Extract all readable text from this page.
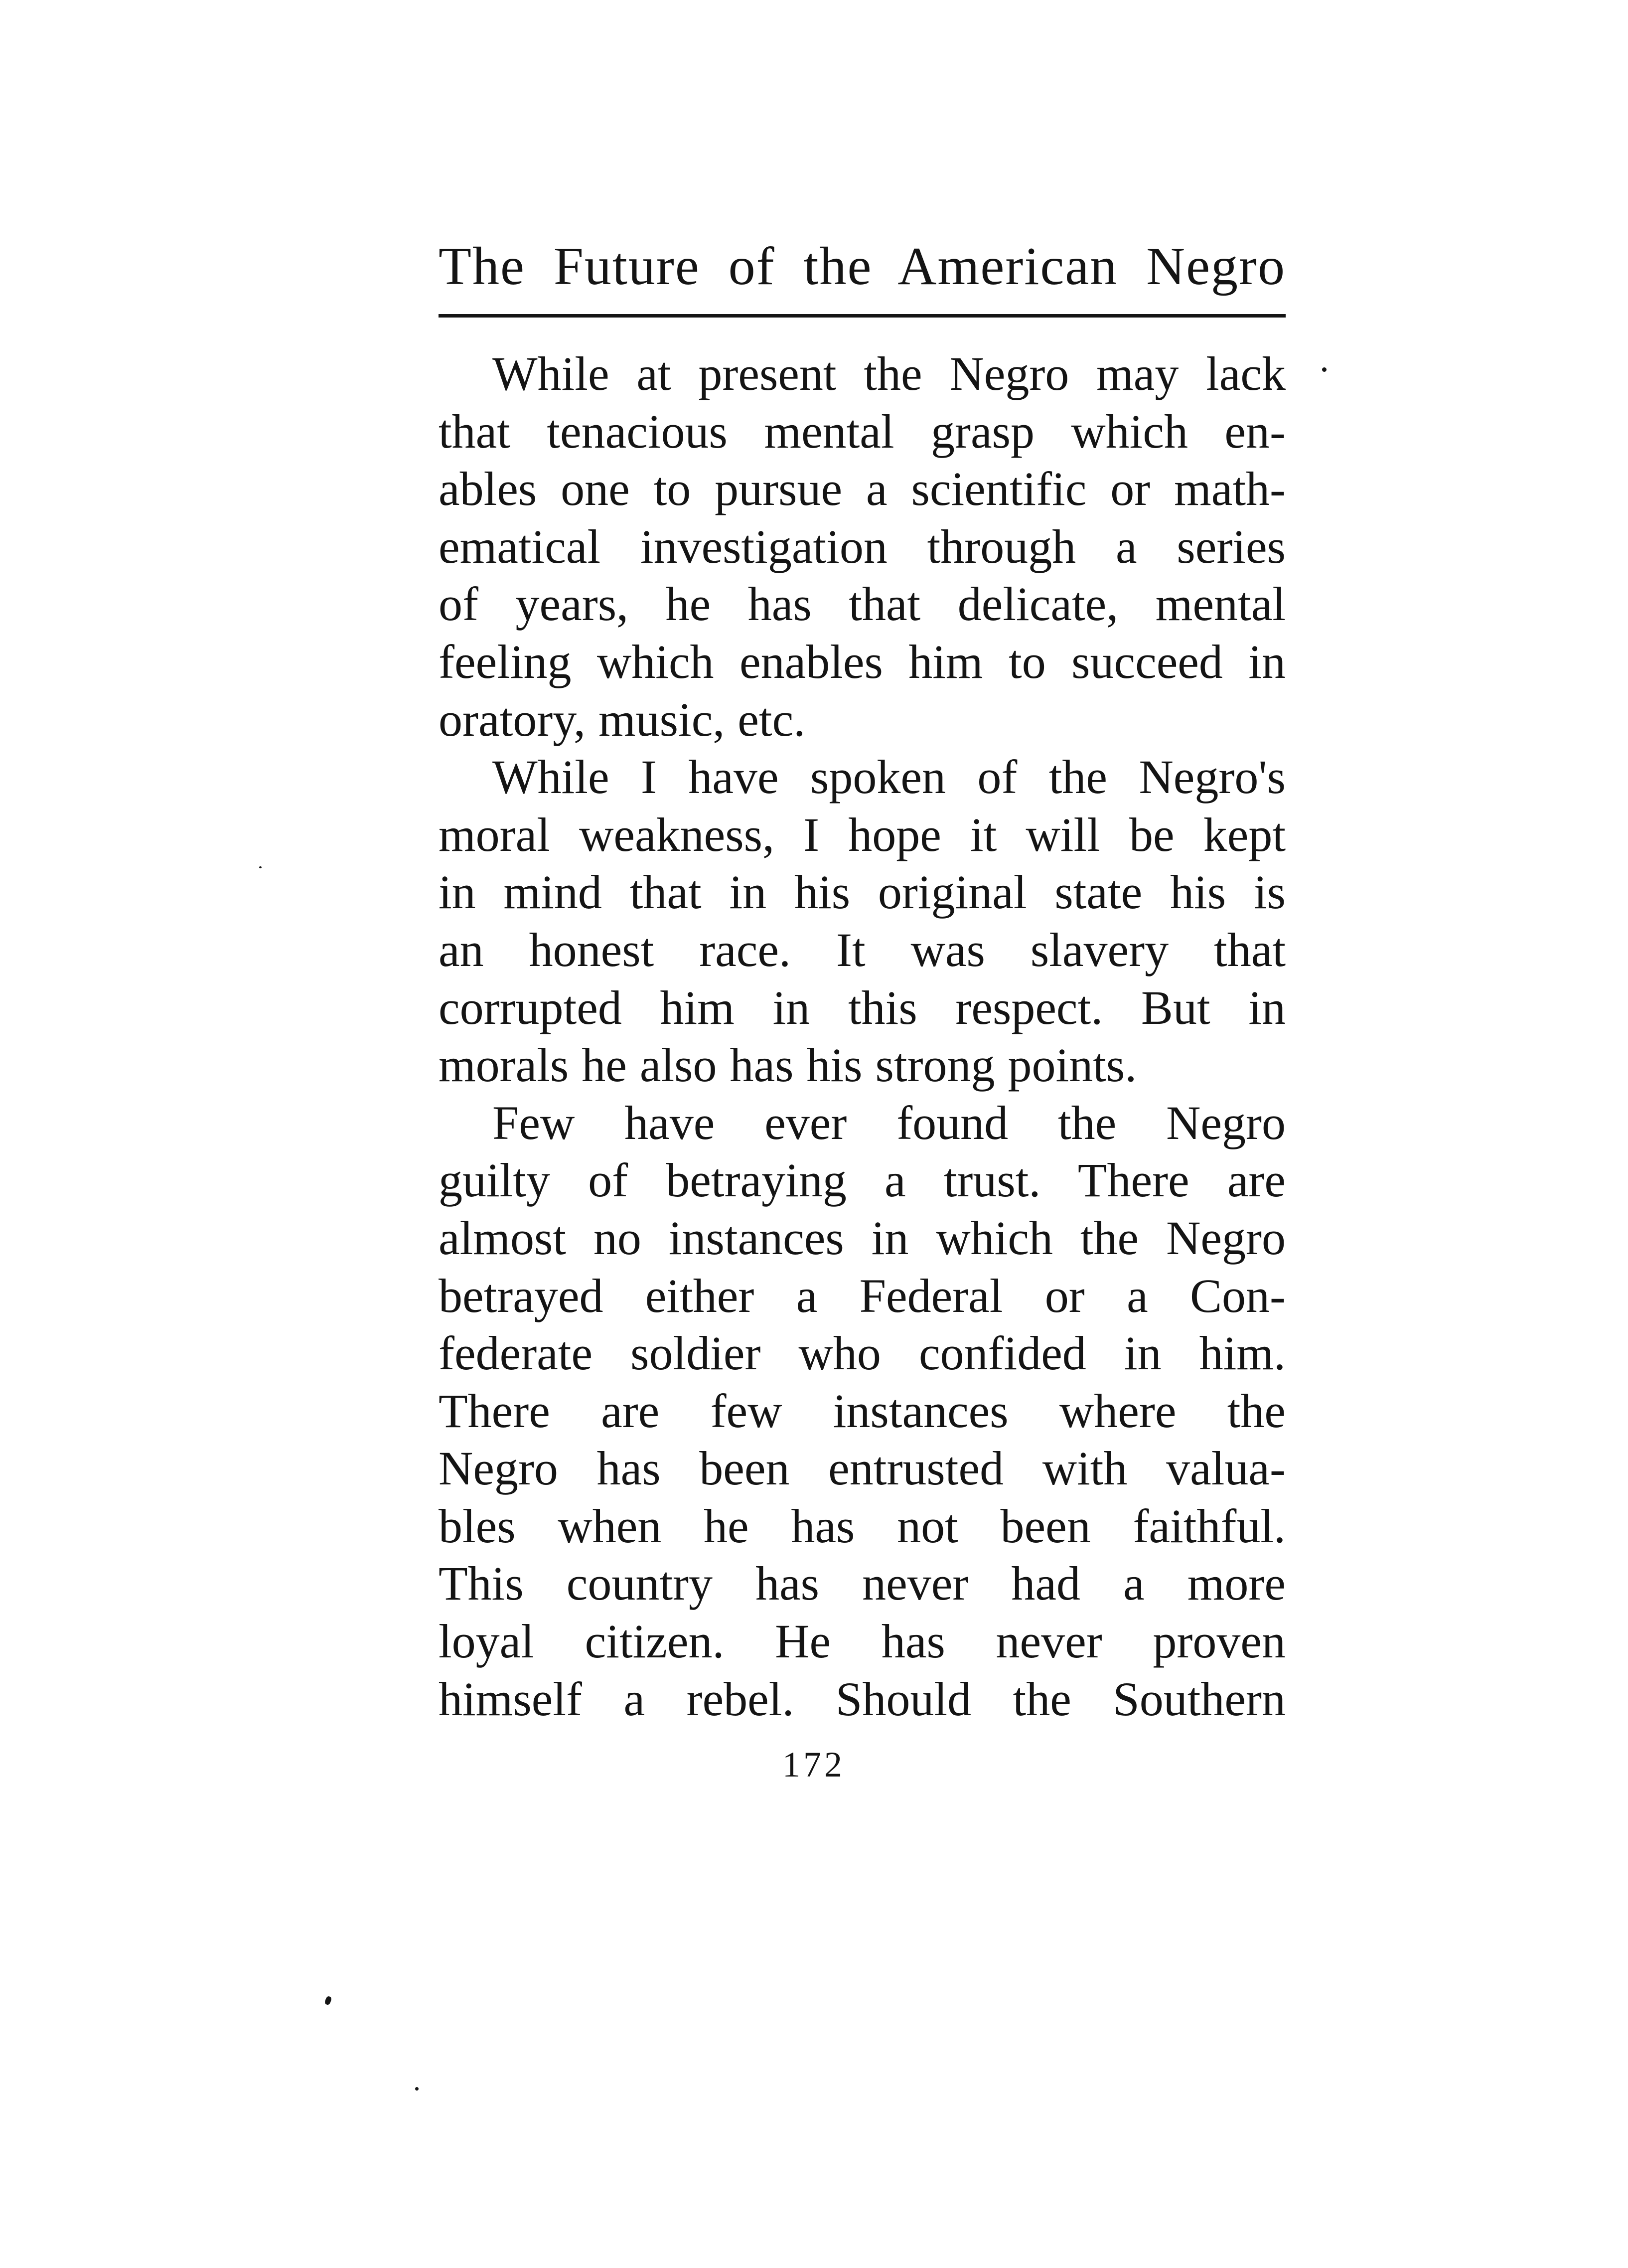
The Future of the American Negro
While at present the Negro may lack
that tenacious mental grasp which en-
ables one to pursue a scientific or math-
ematical investigation through a series
of years, he has that delicate, mental
feeling which enables him to succeed in
oratory, music, etc.
While I have spoken of the Negro's
moral weakness, I hope it will be kept
in mind that in his original state his is
an honest race. It was slavery that
corrupted him in this respect. But in
morals he also has his strong points.
Few have ever found the Negro
guilty of betraying a trust. There are
almost no instances in which the Negro
betrayed either a Federal or a Con-
federate soldier who confided in him.
There are few instances where the
Negro has been entrusted with valua-
bles when he has not been faithful.
This country has never had a more
loyal citizen. He has never proven
himself a rebel. Should the Southern
172
